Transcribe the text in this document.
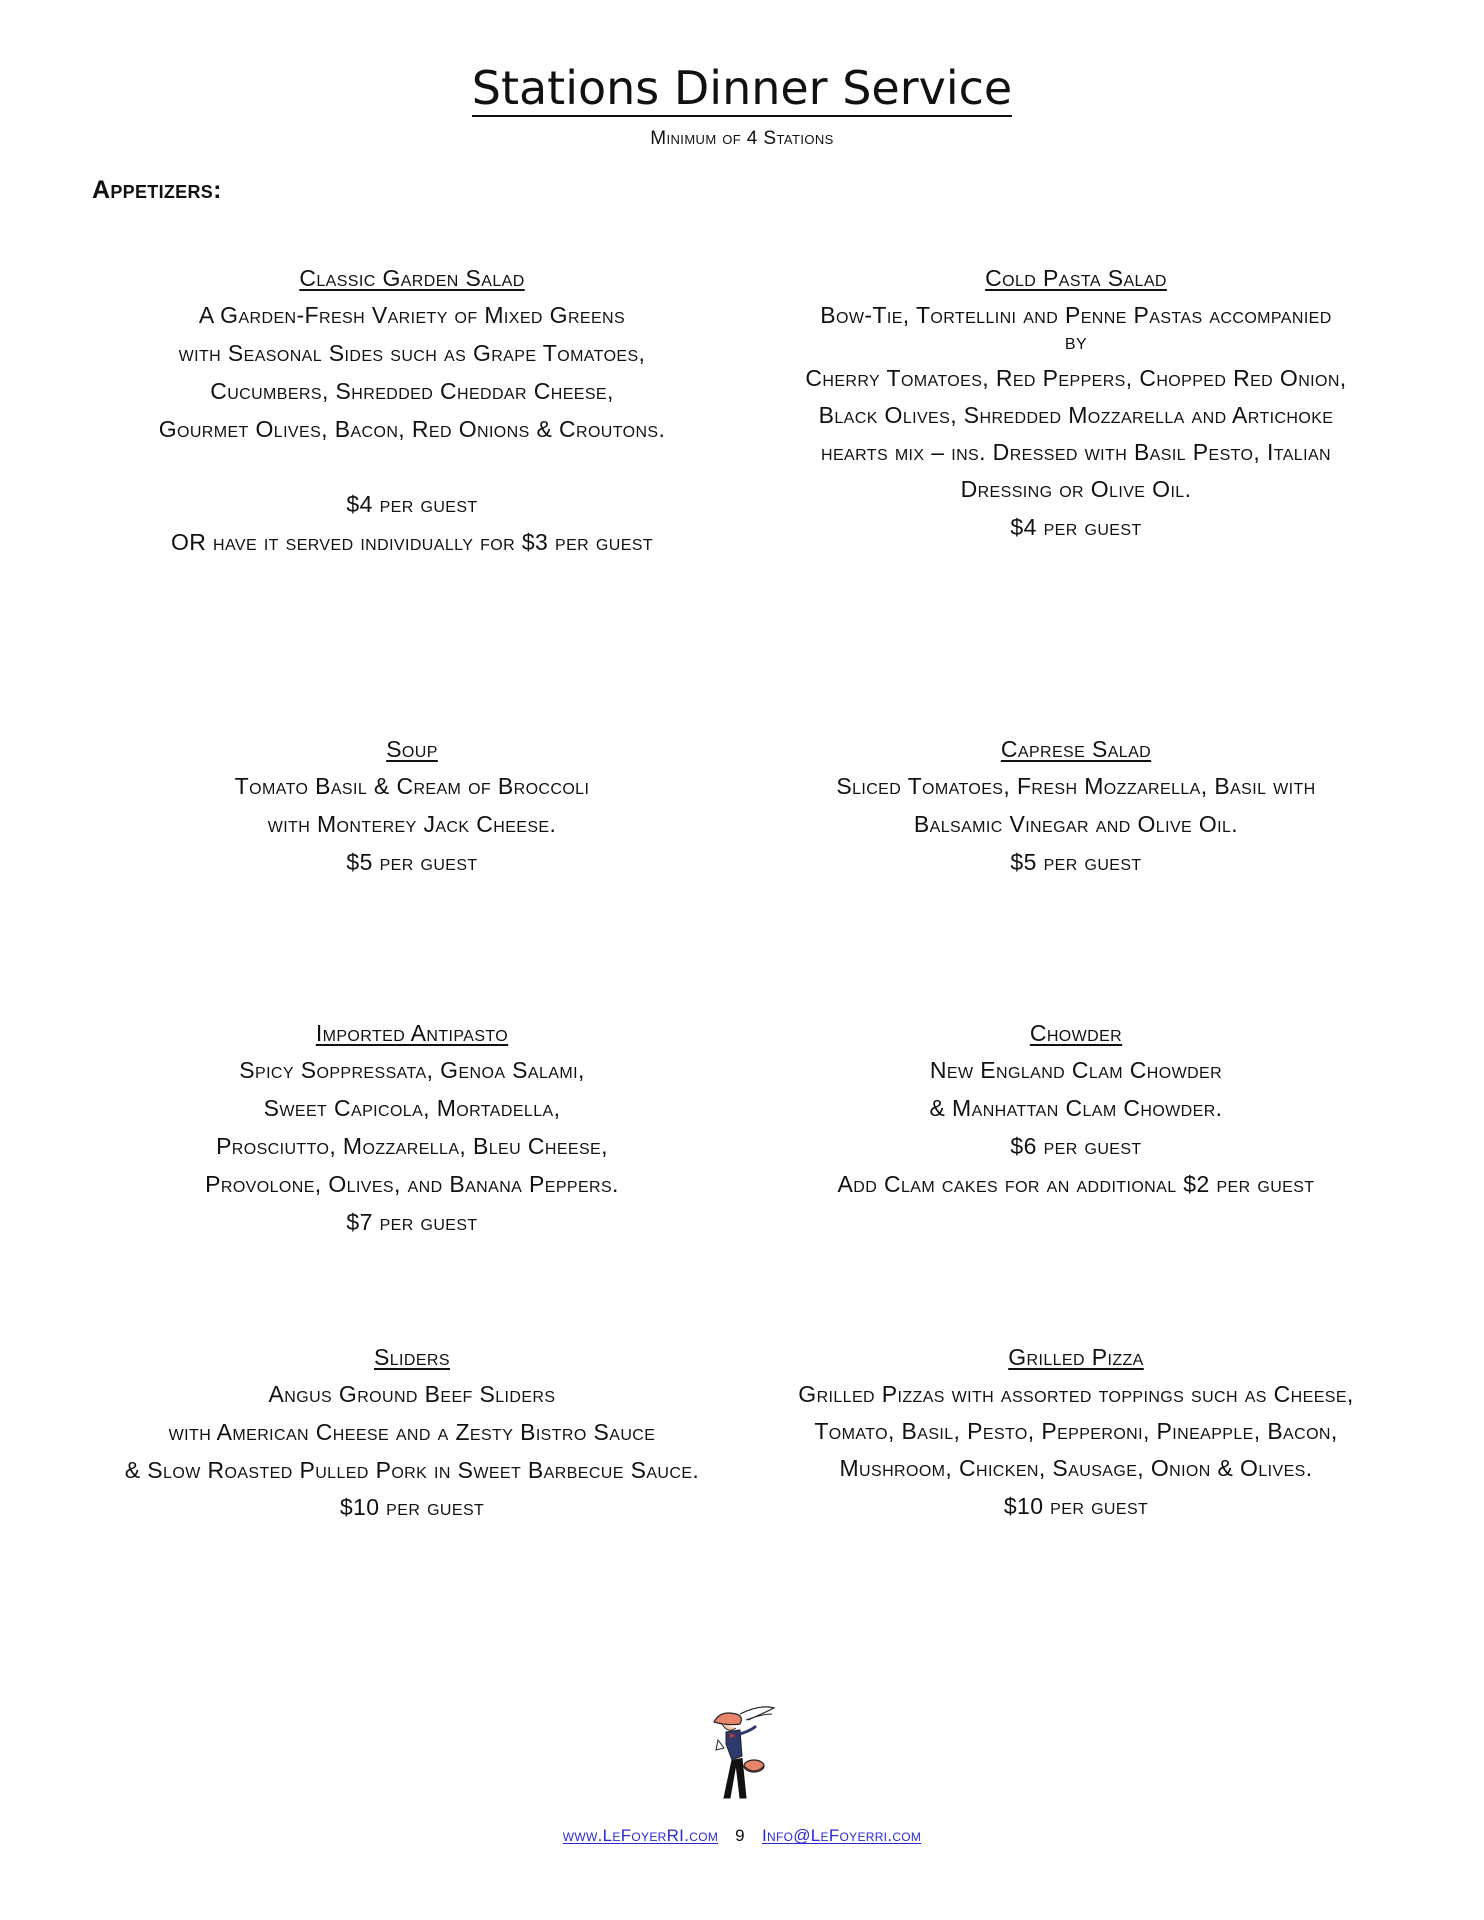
Stations Dinner Service
Minimum of 4 Stations
Appetizers:
Classic Garden Salad
A Garden-Fresh Variety of Mixed Greens
with Seasonal Sides such as Grape Tomatoes,
Cucumbers, Shredded Cheddar Cheese,
Gourmet Olives, Bacon, Red Onions & Croutons.
$4 per guest
OR have it served individually for $3 per guest
Cold Pasta Salad
Bow-Tie, Tortellini and Penne Pastas accompanied by
Cherry Tomatoes, Red Peppers, Chopped Red Onion,
Black Olives, Shredded Mozzarella and Artichoke
hearts mix – ins. Dressed with Basil Pesto, Italian
Dressing or Olive Oil.
$4 per guest
Soup
Tomato Basil & Cream of Broccoli
with Monterey Jack Cheese.
$5 per guest
Caprese Salad
Sliced Tomatoes, Fresh Mozzarella, Basil with
Balsamic Vinegar and Olive Oil.
$5 per guest
Imported Antipasto
Spicy Soppressata, Genoa Salami,
Sweet Capicola, Mortadella,
Prosciutto, Mozzarella, Bleu Cheese,
Provolone, Olives, and Banana Peppers.
$7 per guest
Chowder
New England Clam Chowder
& Manhattan Clam Chowder.
$6 per guest
Add Clam cakes for an additional $2 per guest
Sliders
Angus Ground Beef Sliders
with American Cheese and a Zesty Bistro Sauce
& Slow Roasted Pulled Pork in Sweet Barbecue Sauce.
$10 per guest
Grilled Pizza
Grilled Pizzas with assorted toppings such as Cheese,
Tomato, Basil, Pesto, Pepperoni, Pineapple, Bacon,
Mushroom, Chicken, Sausage, Onion & Olives.
$10 per guest
www.LeFoyerRI.com 9 Info@LeFoyerri.com
